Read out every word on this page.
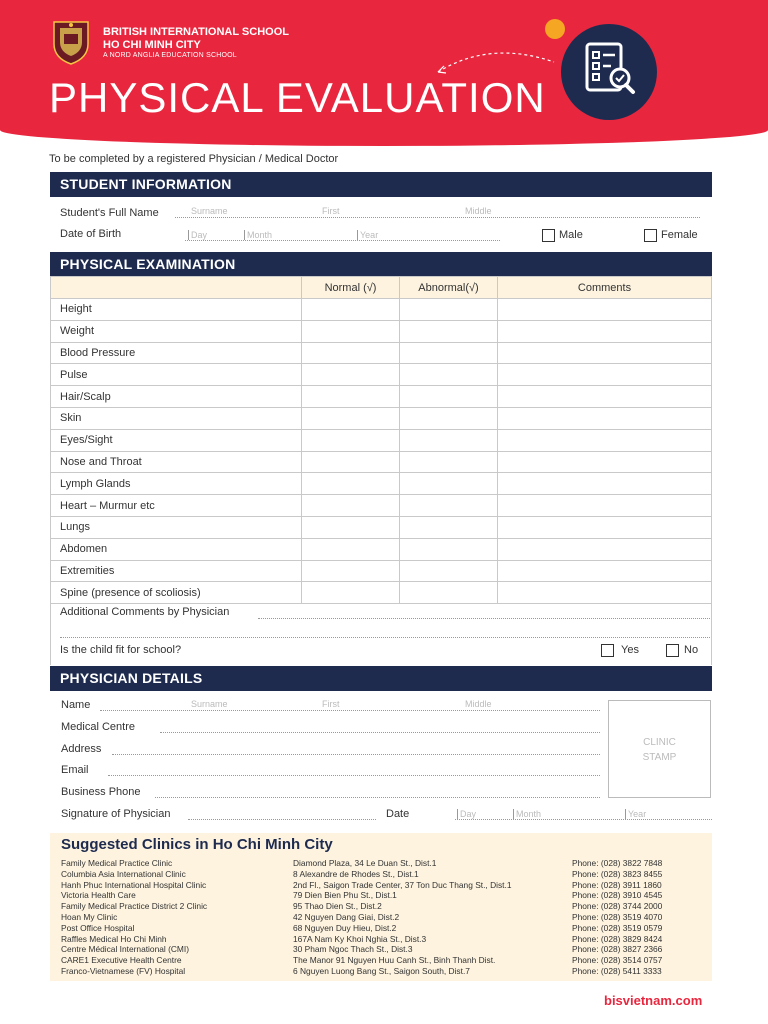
BRITISH INTERNATIONAL SCHOOL
HO CHI MINH CITY
A NORD ANGLIA EDUCATION SCHOOL
PHYSICAL EVALUATION
To be completed by a registered Physician / Medical Doctor
STUDENT INFORMATION
Student's Full Name	Surname	First	Middle
Date of Birth	Day	Month	Year	Male	Female
PHYSICAL EXAMINATION
	Normal (√)	Abnormal(√)	Comments
Height			
Weight			
Blood Pressure			
Pulse			
Hair/Scalp			
Skin			
Eyes/Sight			
Nose and Throat			
Lymph Glands			
Heart – Murmur etc			
Lungs			
Abdomen			
Extremities			
Spine (presence of scoliosis)			
Additional Comments by Physician
Is the child fit for school?	Yes	No
PHYSICIAN DETAILS
Name	Surname	First	Middle
Medical Centre
Address
Email
Business Phone
Signature of Physician	Date	Day	Month	Year
CLINIC
STAMP
Suggested Clinics in Ho Chi Minh City
Family Medical Practice Clinic	Diamond Plaza, 34 Le Duan St., Dist.1	Phone: (028) 3822 7848
Columbia Asia International Clinic	8 Alexandre de Rhodes St., Dist.1	Phone: (028) 3823 8455
Hanh Phuc International Hospital Clinic	2nd Fl., Saigon Trade Center, 37 Ton Duc Thang St., Dist.1	Phone: (028) 3911 1860
Victoria Health Care	79 Dien Bien Phu St., Dist.1	Phone: (028) 3910 4545
Family Medical Practice District 2 Clinic	95 Thao Dien St., Dist.2	Phone: (028) 3744 2000
Hoan My Clinic	42 Nguyen Dang Giai, Dist.2	Phone: (028) 3519 4070
Post Office Hospital	68 Nguyen Duy Hieu, Dist.2	Phone: (028) 3519 0579
Raffles Medical Ho Chi Minh	167A Nam Ky Khoi Nghia St., Dist.3	Phone: (028) 3829 8424
Centre Médical International (CMI)	30 Pham Ngoc Thach St., Dist.3	Phone: (028) 3827 2366
CARE1 Executive Health Centre	The Manor 91 Nguyen Huu Canh St., Binh Thanh Dist.	Phone: (028) 3514 0757
Franco-Vietnamese (FV) Hospital	6 Nguyen Luong Bang St., Saigon South, Dist.7	Phone: (028) 5411 3333
bisvietnam.com
